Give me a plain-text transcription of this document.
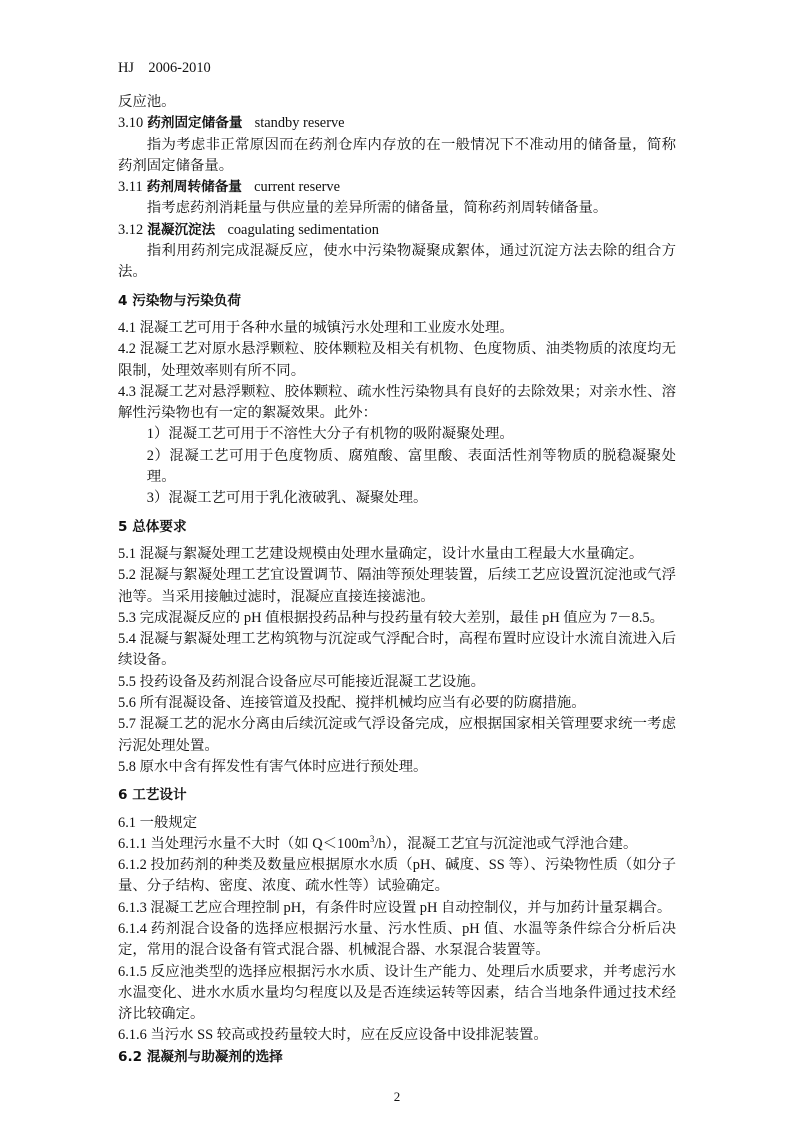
HJ　2006-2010
反应池。
3.10 药剂固定储备量 standby reserve
指为考虑非正常原因而在药剂仓库内存放的在一般情况下不准动用的储备量，简称药剂固定储备量。
3.11 药剂周转储备量 current reserve
指考虑药剂消耗量与供应量的差异所需的储备量，简称药剂周转储备量。
3.12 混凝沉淀法 coagulating sedimentation
指利用药剂完成混凝反应，使水中污染物凝聚成絮体，通过沉淀方法去除的组合方法。
4 污染物与污染负荷
4.1 混凝工艺可用于各种水量的城镇污水处理和工业废水处理。
4.2 混凝工艺对原水悬浮颗粒、胶体颗粒及相关有机物、色度物质、油类物质的浓度均无限制，处理效率则有所不同。
4.3 混凝工艺对悬浮颗粒、胶体颗粒、疏水性污染物具有良好的去除效果；对亲水性、溶解性污染物也有一定的絮凝效果。此外：
1）混凝工艺可用于不溶性大分子有机物的吸附凝聚处理。
2）混凝工艺可用于色度物质、腐殖酸、富里酸、表面活性剂等物质的脱稳凝聚处理。
3）混凝工艺可用于乳化液破乳、凝聚处理。
5 总体要求
5.1 混凝与絮凝处理工艺建设规模由处理水量确定，设计水量由工程最大水量确定。
5.2 混凝与絮凝处理工艺宜设置调节、隔油等预处理装置，后续工艺应设置沉淀池或气浮池等。当采用接触过滤时，混凝应直接连接滤池。
5.3 完成混凝反应的 pH 值根据投药品种与投药量有较大差别，最佳 pH 值应为 7－8.5。
5.4 混凝与絮凝处理工艺构筑物与沉淀或气浮配合时，高程布置时应设计水流自流进入后续设备。
5.5 投药设备及药剂混合设备应尽可能接近混凝工艺设施。
5.6 所有混凝设备、连接管道及投配、搅拌机械均应当有必要的防腐措施。
5.7 混凝工艺的泥水分离由后续沉淀或气浮设备完成，应根据国家相关管理要求统一考虑污泥处理处置。
5.8 原水中含有挥发性有害气体时应进行预处理。
6 工艺设计
6.1 一般规定
6.1.1 当处理污水量不大时（如 $Q<100m^3/h$），混凝工艺宜与沉淀池或气浮池合建。
6.1.2 投加药剂的种类及数量应根据原水水质（pH、碱度、SS 等）、污染物性质（如分子量、分子结构、密度、浓度、疏水性等）试验确定。
6.1.3 混凝工艺应合理控制 pH，有条件时应设置 pH 自动控制仪，并与加药计量泵耦合。
6.1.4 药剂混合设备的选择应根据污水量、污水性质、pH 值、水温等条件综合分析后决定，常用的混合设备有管式混合器、机械混合器、水泵混合装置等。
6.1.5 反应池类型的选择应根据污水水质、设计生产能力、处理后水质要求，并考虑污水水温变化、进水水质水量均匀程度以及是否连续运转等因素，结合当地条件通过技术经济比较确定。
6.1.6 当污水 SS 较高或投药量较大时，应在反应设备中设排泥装置。
6.2 混凝剂与助凝剂的选择
2
